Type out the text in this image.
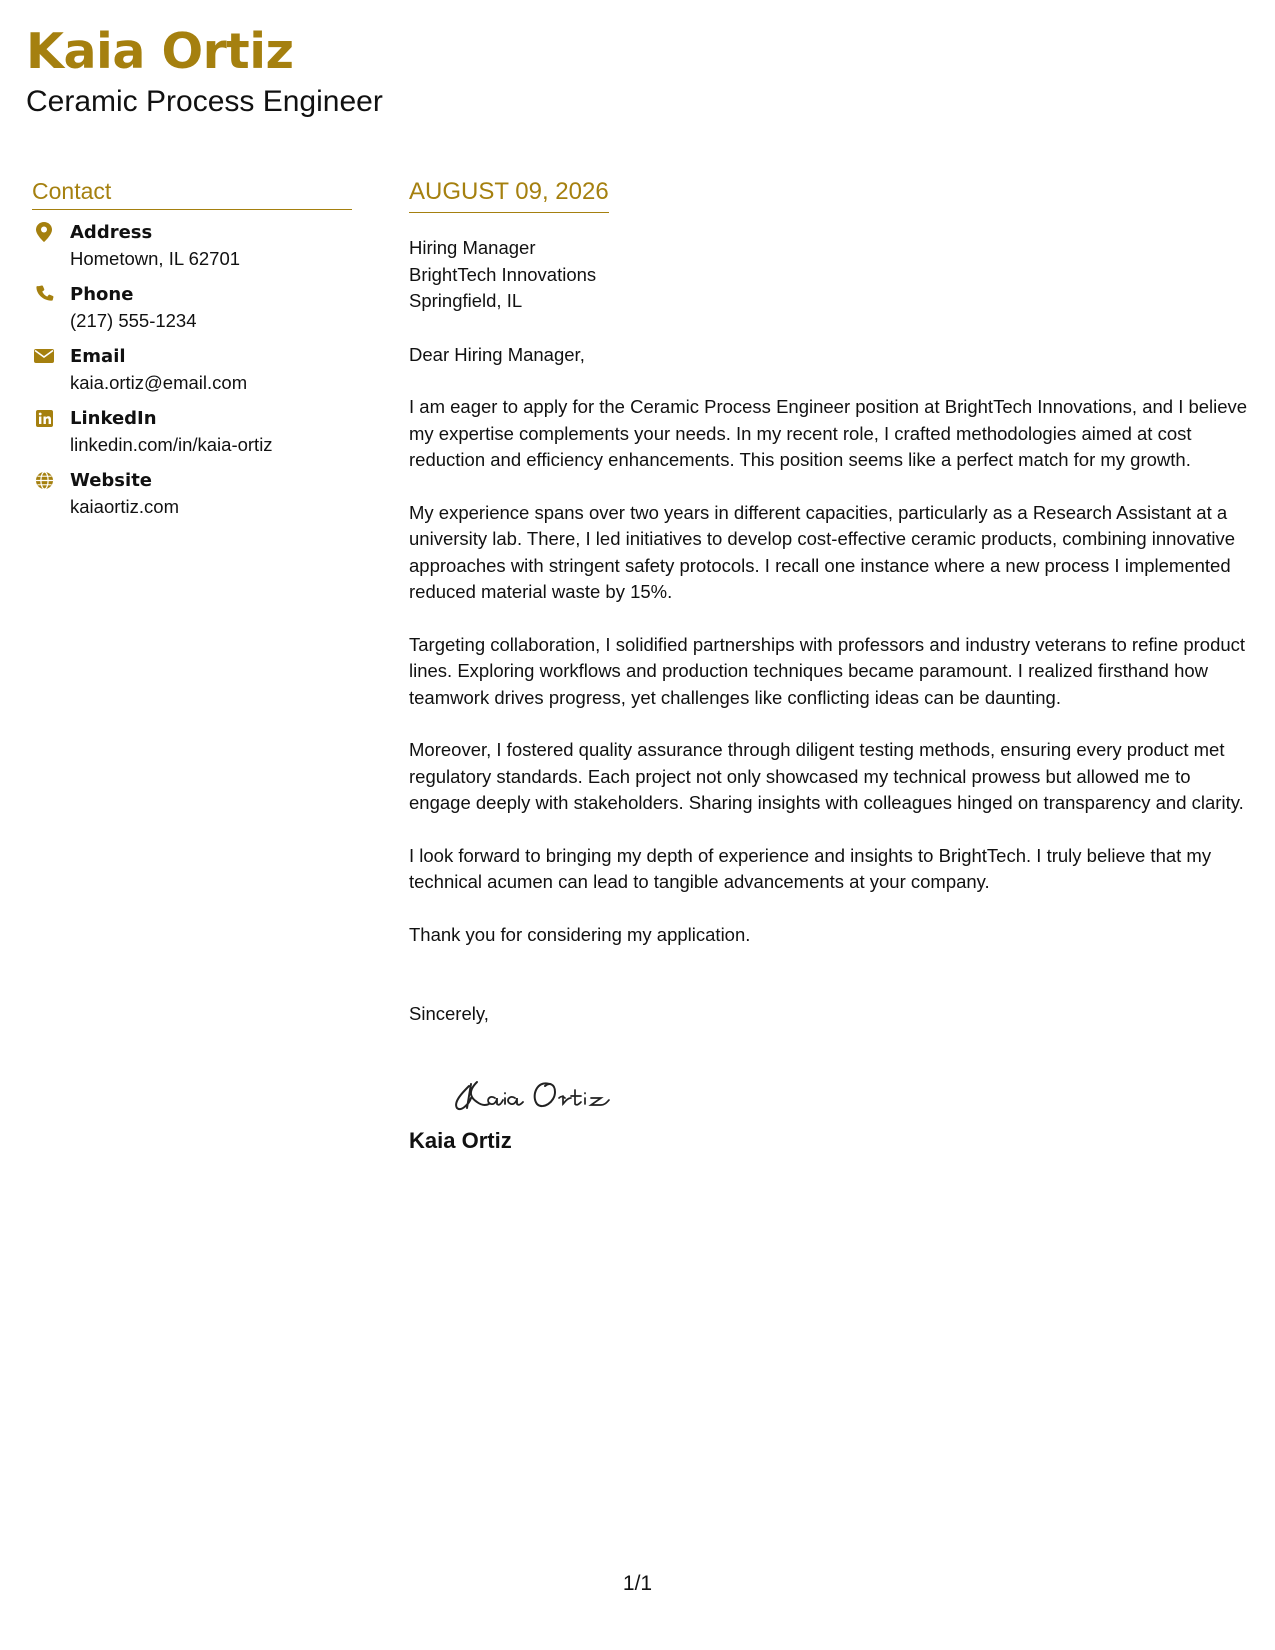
Kaia Ortiz
Ceramic Process Engineer
Contact
Address
Hometown, IL 62701
Phone
(217) 555-1234
Email
kaia.ortiz@email.com
LinkedIn
linkedin.com/in/kaia-ortiz
Website
kaiaortiz.com
AUGUST 09, 2026
Hiring Manager
BrightTech Innovations
Springfield, IL

Dear Hiring Manager,

I am eager to apply for the Ceramic Process Engineer position at BrightTech Innovations, and I believe my expertise complements your needs. In my recent role, I crafted methodologies aimed at cost reduction and efficiency enhancements. This position seems like a perfect match for my growth.

My experience spans over two years in different capacities, particularly as a Research Assistant at a university lab. There, I led initiatives to develop cost-effective ceramic products, combining innovative approaches with stringent safety protocols. I recall one instance where a new process I implemented reduced material waste by 15%.

Targeting collaboration, I solidified partnerships with professors and industry veterans to refine product lines. Exploring workflows and production techniques became paramount. I realized firsthand how teamwork drives progress, yet challenges like conflicting ideas can be daunting.

Moreover, I fostered quality assurance through diligent testing methods, ensuring every product met regulatory standards. Each project not only showcased my technical prowess but allowed me to engage deeply with stakeholders. Sharing insights with colleagues hinged on transparency and clarity.

I look forward to bringing my depth of experience and insights to BrightTech. I truly believe that my technical acumen can lead to tangible advancements at your company.

Thank you for considering my application.

Sincerely,

Kaia Ortiz
1/1
